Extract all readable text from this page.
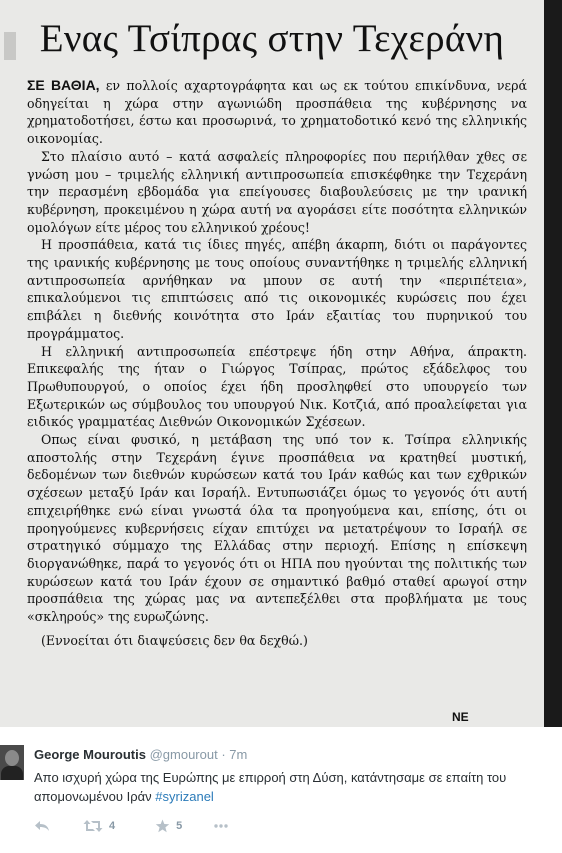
Ενας Τσίπρας στην Τεχεράνη

ΣΕ ΒΑΘΙΑ, εν πολλοίς αχαρτογράφητα και ως εκ τούτου επικίνδυνα, νερά οδηγείται η χώρα στην αγωνιώδη προσπάθεια της κυβέρνησης να χρηματοδοτήσει, έστω και προσωρινά, το χρηματοδοτικό κενό της ελληνικής οικονομίας.

Στο πλαίσιο αυτό – κατά ασφαλείς πληροφορίες που περιήλθαν χθες σε γνώση μου – τριμελής ελληνική αντιπροσωπεία επισκέφθηκε την Τεχεράνη την περασμένη εβδομάδα για επείγουσες διαβουλεύσεις με την ιρανική κυβέρνηση, προκειμένου η χώρα αυτή να αγοράσει είτε ποσότητα ελληνικών ομολόγων είτε μέρος του ελληνικού χρέους!

Η προσπάθεια, κατά τις ίδιες πηγές, απέβη άκαρπη, διότι οι παράγοντες της ιρανικής κυβέρνησης με τους οποίους συναντήθηκε η τριμελής ελληνική αντιπροσωπεία αρνήθηκαν να μπουν σε αυτή την «περιπέτεια», επικαλούμενοι τις επιπτώσεις από τις οικονομικές κυρώσεις που έχει επιβάλει η διεθνής κοινότητα στο Ιράν εξαιτίας του πυρηνικού του προγράμματος.

Η ελληνική αντιπροσωπεία επέστρεψε ήδη στην Αθήνα, άπρακτη. Επικεφαλής της ήταν ο Γιώργος Τσίπρας, πρώτος εξάδελφος του Πρωθυπουργού, ο οποίος έχει ήδη προσληφθεί στο υπουργείο των Εξωτερικών ως σύμβουλος του υπουργού Νικ. Κοτζιά, από προαλείφεται για ειδικός γραμματέας Διεθνών Οικονομικών Σχέσεων.

Οπως είναι φυσικό, η μετάβαση της υπό τον κ. Τσίπρα ελληνικής αποστολής στην Τεχεράνη έγινε προσπάθεια να κρατηθεί μυστική, δεδομένων των διεθνών κυρώσεων κατά του Ιράν καθώς και των εχθρικών σχέσεων μεταξύ Ιράν και Ισραήλ. Εντυπωσιάζει όμως το γεγονός ότι αυτή επιχειρήθηκε ενώ είναι γνωστά όλα τα προηγούμενα και, επίσης, ότι οι προηγούμενες κυβερνήσεις είχαν επιτύχει να μετατρέψουν το Ισραήλ σε στρατηγικό σύμμαχο της Ελλάδας στην περιοχή. Επίσης η επίσκεψη διοργανώθηκε, παρά το γεγονός ότι οι ΗΠΑ που ηγούνται της πολιτικής των κυρώσεων κατά του Ιράν έχουν σε σημαντικό βαθμό σταθεί αρωγοί στην προσπάθεια της χώρας μας να αντεπεξέλθει στα προβλήματα με τους «σκληρούς» της ευρωζώνης.

(Εννοείται ότι διαψεύσεις δεν θα δεχθώ.)

ΝΕ
George Mouroutis @gmourout · 7m
Απο ισχυρή χώρα της Ευρώπης με επιρροή στη Δύση, κατάντησαμε σε επαίτη του απομονωμένου Ιράν #syrizanel
4	5
